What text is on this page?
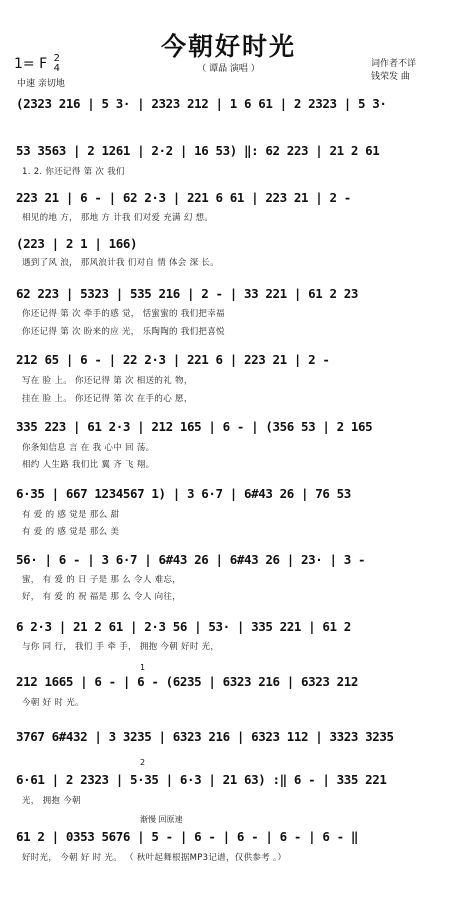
今朝好时光
（ 谭晶 演唱 ）
1= F 2
4
中速 亲切地
词作者不详
钱荣发 曲
(2323 216 | 5 3· | 2323 212 | 1 6 61 | 2 2323 | 5 3·
53 3563 | 2 1261 | 2·2 | 16 53) ‖: 62 223 | 21 2 61
1. 2. 你还记得 第 次 我们
223 21 | 6 - | 62 2·3 | 221 6 61 | 223 21 | 2 -
相见的地 方， 那地 方 计我 们对爱 充满 幻 想。
(223 | 2 1 | 166)
遇到了风 浪， 那风浪计我 们对自 情 体会 深 长。
62 223 | 5323 | 535 216 | 2 - | 33 221 | 61 2 23
你还记得 第 次 牵手的感 觉， 恬蜜蜜的 我们把幸福
你还记得 第 次 盼来的应 光， 乐陶陶的 我们把喜悦
212 65 | 6 - | 22 2·3 | 221 6 | 223 21 | 2 -
写在 脸 上。 你还记得 第 次 相送的礼 物，
挂在 脸 上。 你还记得 第 次 在手的心 愿，
335 223 | 61 2·3 | 212 165 | 6 - | (356 53 | 2 165
你条知信息 言 在 我 心中 回 荡。
相约 人生路 我们比 翼 齐 飞 翔。
6·35 | 667 1234567 1) | 3 6·7 | 6#43 26 | 76 53
有 爱 的 感 觉是 那么 甜
有 爱 的 感 觉是 那么 美
56· | 6 - | 3 6·7 | 6#43 26 | 6#43 26 | 23· | 3 -
蜜， 有 爱 的 日 子是 那 么 令人 难忘，
好， 有 爱 的 祝 福是 那 么 令人 向往，
6 2·3 | 21 2 61 | 2·3 56 | 53· | 335 221 | 61 2
与你 同 行， 我们 手 牵 手， 拥抱 今朝 好时 光，
1
212 1665 | 6 - | 6 - (6235 | 6323 216 | 6323 212
今朝 好 时 光。
3767 6#432 | 3 3235 | 6323 216 | 6323 112 | 3323 3235
2
6·61 | 2 2323 | 5·35 | 6·3 | 21 63) :‖ 6 - | 335 221
光， 拥抱 今朝
渐慢 回原速
61 2 | 0353 5676 | 5 - | 6 - | 6 - | 6 - | 6 - ‖
好时光， 今朝 好 时 光。 （ 秋叶起舞根据MP3记谱，仅供参考 。）
